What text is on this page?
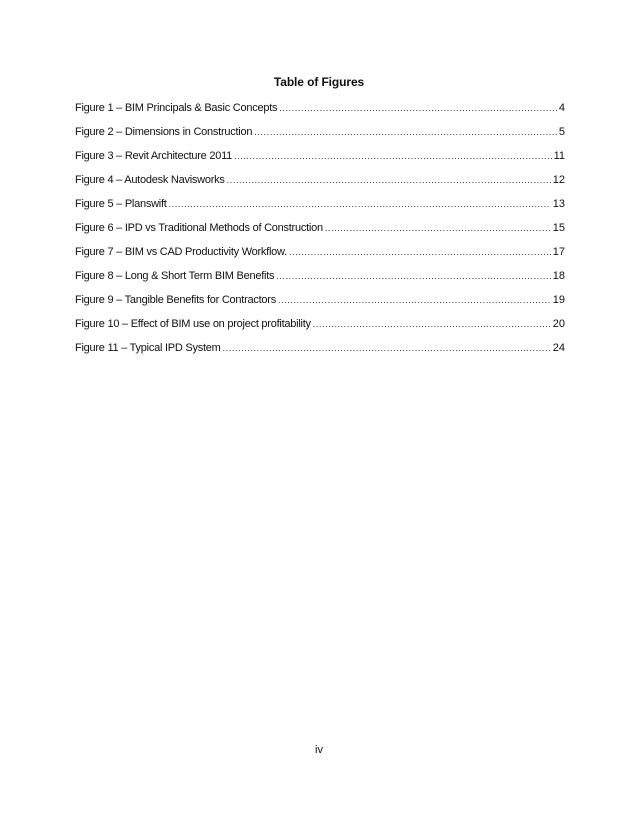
Table of Figures
Figure 1 – BIM Principals & Basic Concepts .....	4
Figure 2 – Dimensions in Construction .....	5
Figure 3 – Revit Architecture 2011 .....	11
Figure 4 – Autodesk Navisworks .....	12
Figure 5 – Planswift .....	13
Figure 6 – IPD vs Traditional Methods of Construction .....	15
Figure 7 – BIM vs CAD Productivity Workflow. .....	17
Figure 8 – Long & Short Term BIM Benefits .....	18
Figure 9 – Tangible Benefits for Contractors .....	19
Figure 10 – Effect of BIM use on project profitability .....	20
Figure 11 – Typical IPD System .....	24
iv
